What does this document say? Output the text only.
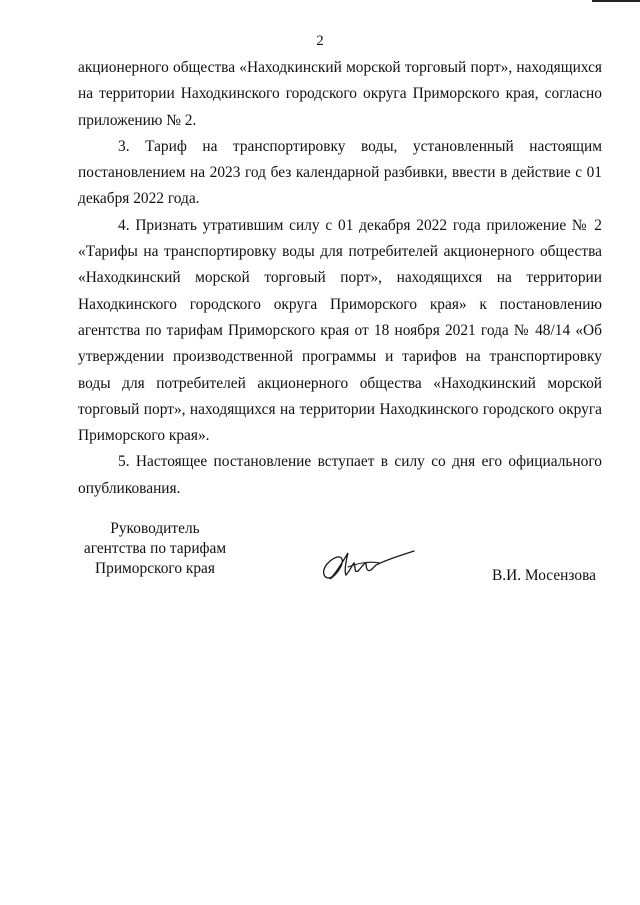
2

акционерного общества «Находкинский морской торговый порт», находящихся на территории Находкинского городского округа Приморского края, согласно приложению № 2.

3. Тариф на транспортировку воды, установленный настоящим постановлением на 2023 год без календарной разбивки, ввести в действие с 01 декабря 2022 года.

4. Признать утратившим силу с 01 декабря 2022 года приложение № 2 «Тарифы на транспортировку воды для потребителей акционерного общества «Находкинский морской торговый порт», находящихся на территории Находкинского городского округа Приморского края» к постановлению агентства по тарифам Приморского края от 18 ноября 2021 года № 48/14 «Об утверждении производственной программы и тарифов на транспортировку воды для потребителей акционерного общества «Находкинский морской торговый порт», находящихся на территории Находкинского городского округа Приморского края».

5. Настоящее постановление вступает в силу со дня его официального опубликования.

Руководитель
агентства по тарифам
Приморского края	В.И. Мосензова
